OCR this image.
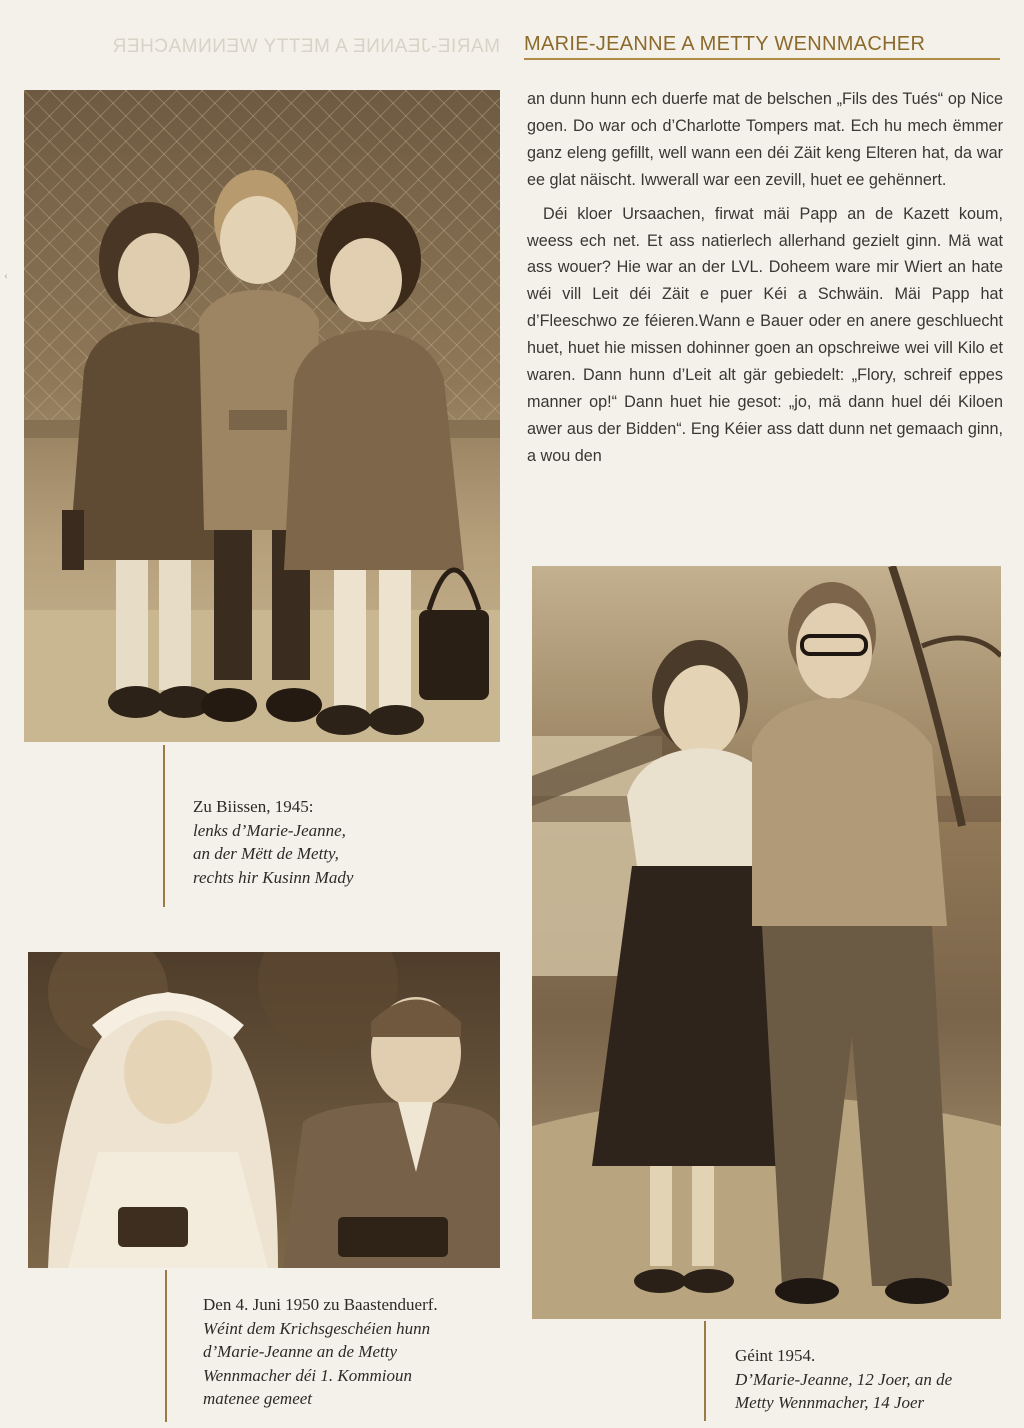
MARIE-JEANNE A METTY WENNMACHER MARIE-JEANNE A METTY WENNMACHER
‹

an dunn hunn ech duerfe mat de belschen „Fils des Tués“ op Nice goen. Do war och d’Charlotte Tompers mat. Ech hu mech ëmmer ganz eleng gefillt, well wann een déi Zäit keng Elteren hat, da war ee glat näischt. Iwwerall war een zevill, huet ee gehënnert.

Déi kloer Ursaachen, firwat mäi Papp an de Kazett koum, weess ech net. Et ass natierlech allerhand gezielt ginn. Mä wat ass wouer? Hie war an der LVL. Doheem ware mir Wiert an hate wéi vill Leit déi Zäit e puer Kéi a Schwäin. Mäi Papp hat d’Fleeschwo ze féieren.Wann e Bauer oder en anere geschluecht huet, huet hie missen dohinner goen an opschreiwe wei vill Kilo et waren. Dann hunn d’Leit alt gär gebiedelt: „Flory, schreif eppes manner op!“ Dann huet hie gesot: „jo, mä dann huel déi Kiloen awer aus der Bidden“. Eng Kéier ass datt dunn net gemaach ginn, a wou den

Zu Biissen, 1945:
lenks d’Marie-Jeanne,
an der Mëtt de Metty,
rechts hir Kusinn Mady
Den 4. Juni 1950 zu Baastenduerf.
Wéint dem Krichsgeschéien hunn
d’Marie-Jeanne an de Metty
Wennmacher déi 1. Kommioun
matenee gemeet
Géint 1954.
D’Marie-Jeanne, 12 Joer, an de
Metty Wennmacher, 14 Joer
